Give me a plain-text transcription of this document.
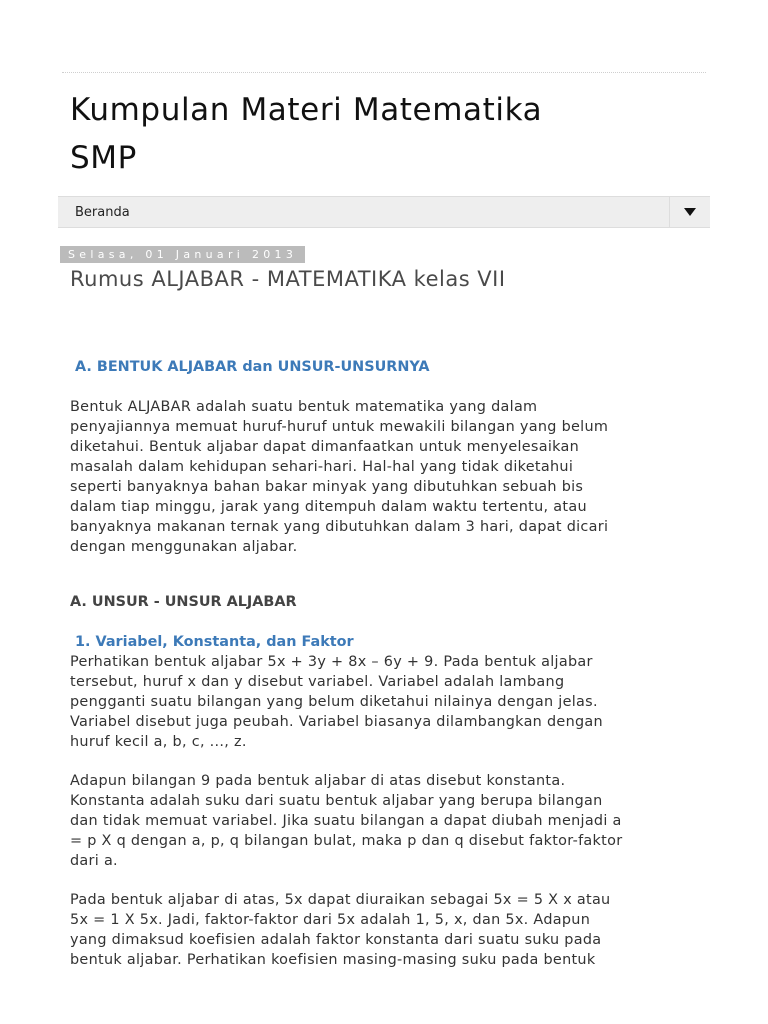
Kumpulan Materi Matematika
SMP
Beranda
Selasa, 01 Januari 2013
Rumus ALJABAR - MATEMATIKA kelas VII
A. BENTUK ALJABAR dan UNSUR-UNSURNYA

Bentuk ALJABAR adalah suatu bentuk matematika yang dalam
penyajiannya memuat huruf-huruf untuk mewakili bilangan yang belum
diketahui. Bentuk aljabar dapat dimanfaatkan untuk menyelesaikan
masalah dalam kehidupan sehari-hari. Hal-hal yang tidak diketahui
seperti banyaknya bahan bakar minyak yang dibutuhkan sebuah bis
dalam tiap minggu, jarak yang ditempuh dalam waktu tertentu, atau
banyaknya makanan ternak yang dibutuhkan dalam 3 hari, dapat dicari
dengan menggunakan aljabar.

A. UNSUR - UNSUR ALJABAR
1. Variabel, Konstanta, dan Faktor

Perhatikan bentuk aljabar 5x + 3y + 8x – 6y + 9. Pada bentuk aljabar
tersebut, huruf x dan y disebut variabel. Variabel adalah lambang
pengganti suatu bilangan yang belum diketahui nilainya dengan jelas.
Variabel disebut juga peubah. Variabel biasanya dilambangkan dengan
huruf kecil a, b, c, ..., z.

Adapun bilangan 9 pada bentuk aljabar di atas disebut konstanta.
Konstanta adalah suku dari suatu bentuk aljabar yang berupa bilangan
dan tidak memuat variabel. Jika suatu bilangan a dapat diubah menjadi a
= p X q dengan a, p, q bilangan bulat, maka p dan q disebut faktor-faktor
dari a.

Pada bentuk aljabar di atas, 5x dapat diuraikan sebagai 5x = 5 X x atau
5x = 1 X 5x. Jadi, faktor-faktor dari 5x adalah 1, 5, x, dan 5x. Adapun
yang dimaksud koefisien adalah faktor konstanta dari suatu suku pada
bentuk aljabar. Perhatikan koefisien masing-masing suku pada bentuk
